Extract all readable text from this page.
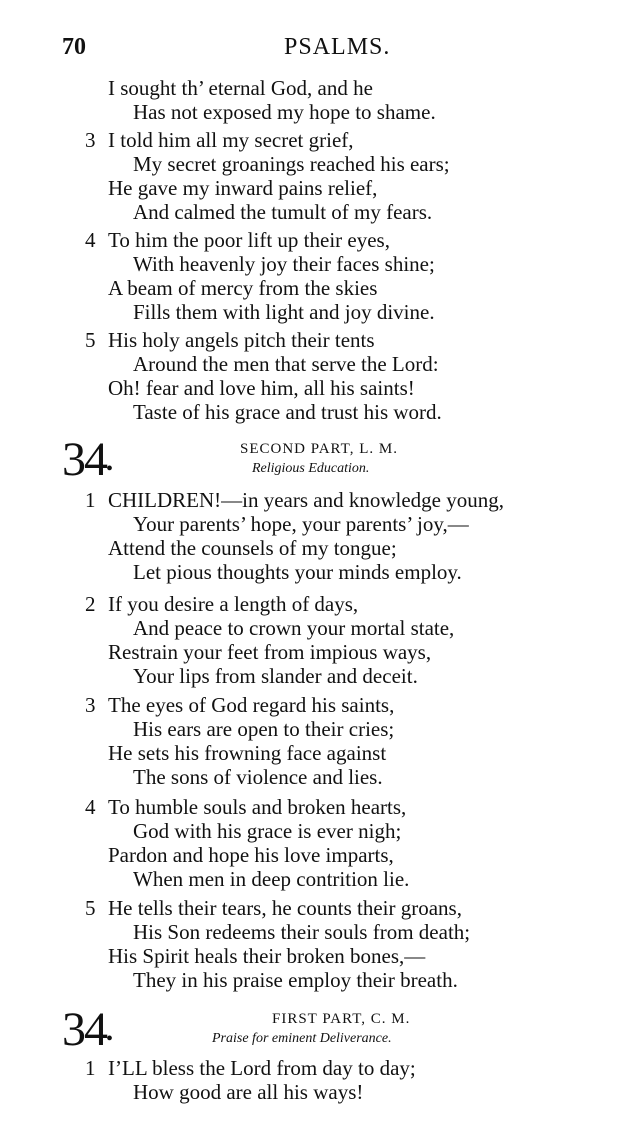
70	PSALMS.
I sought th’ eternal God, and he
Has not exposed my hope to shame.
3 I told him all my secret grief,
My secret groanings reached his ears;
He gave my inward pains relief,
And calmed the tumult of my fears.
4 To him the poor lift up their eyes,
With heavenly joy their faces shine;
A beam of mercy from the skies
Fills them with light and joy divine.
5 His holy angels pitch their tents
Around the men that serve the Lord:
Oh! fear and love him, all his saints!
Taste of his grace and trust his word.
34•
SECOND PART, L. M.
Religious Education.
1 CHILDREN!—in years and knowledge young,
Your parents’ hope, your parents’ joy,—
Attend the counsels of my tongue;
Let pious thoughts your minds employ.
2 If you desire a length of days,
And peace to crown your mortal state,
Restrain your feet from impious ways,
Your lips from slander and deceit.
3 The eyes of God regard his saints,
His ears are open to their cries;
He sets his frowning face against
The sons of violence and lies.
4 To humble souls and broken hearts,
God with his grace is ever nigh;
Pardon and hope his love imparts,
When men in deep contrition lie.
5 He tells their tears, he counts their groans,
His Son redeems their souls from death;
His Spirit heals their broken bones,—
They in his praise employ their breath.
34•
FIRST PART, C. M.
Praise for eminent Deliverance.
1 I’LL bless the Lord from day to day;
How good are all his ways!
